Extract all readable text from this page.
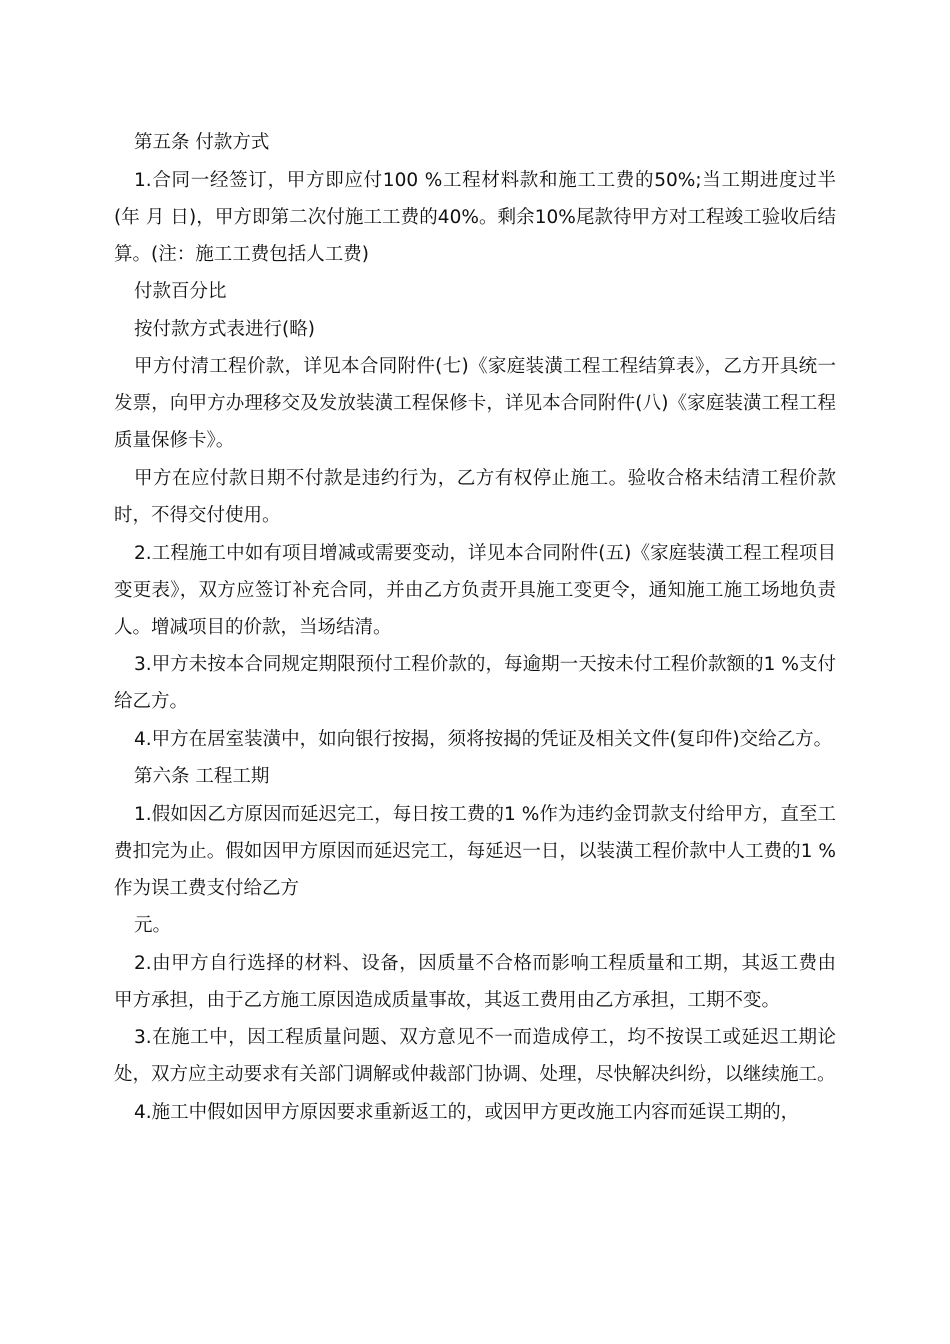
第五条 付款方式
1.合同一经签订，甲方即应付100 %工程材料款和施工工费的50%;当工期进度过半(年 月 日)，甲方即第二次付施工工费的40%。剩余10%尾款待甲方对工程竣工验收后结算。(注：施工工费包括人工费)
付款百分比
按付款方式表进行(略)
甲方付清工程价款，详见本合同附件(七)《家庭装潢工程工程结算表》，乙方开具统一发票，向甲方办理移交及发放装潢工程保修卡，详见本合同附件(八)《家庭装潢工程工程质量保修卡》。
甲方在应付款日期不付款是违约行为，乙方有权停止施工。验收合格未结清工程价款时，不得交付使用。
2.工程施工中如有项目增减或需要变动，详见本合同附件(五)《家庭装潢工程工程项目变更表》，双方应签订补充合同，并由乙方负责开具施工变更令，通知施工施工场地负责人。增减项目的价款，当场结清。
3.甲方未按本合同规定期限预付工程价款的，每逾期一天按未付工程价款额的1 %支付给乙方。
4.甲方在居室装潢中，如向银行按揭，须将按揭的凭证及相关文件(复印件)交给乙方。
第六条 工程工期
1.假如因乙方原因而延迟完工，每日按工费的1 %作为违约金罚款支付给甲方，直至工费扣完为止。假如因甲方原因而延迟完工，每延迟一日，以装潢工程价款中人工费的1 %作为误工费支付给乙方
元。
2.由甲方自行选择的材料、设备，因质量不合格而影响工程质量和工期，其返工费由甲方承担，由于乙方施工原因造成质量事故，其返工费用由乙方承担，工期不变。
3.在施工中，因工程质量问题、双方意见不一而造成停工，均不按误工或延迟工期论处，双方应主动要求有关部门调解或仲裁部门协调、处理，尽快解决纠纷，以继续施工。
4.施工中假如因甲方原因要求重新返工的，或因甲方更改施工内容而延误工期的，
